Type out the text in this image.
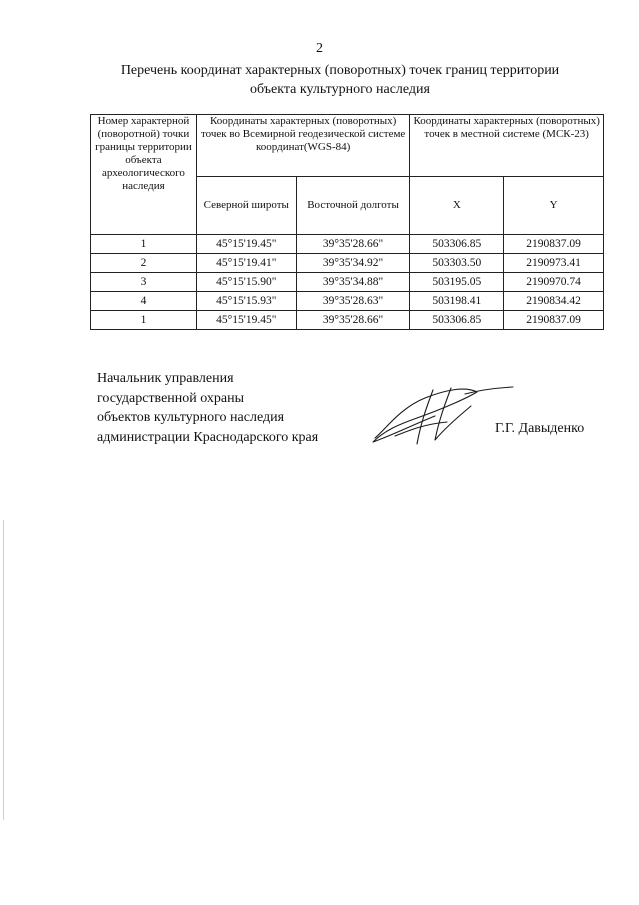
2
Перечень координат характерных (поворотных) точек границ территории
объекта культурного наследия
Номер характерной (поворотной) точки границы территории объекта археологического наследия	Координаты характерных (поворотных) точек во Всемирной геодезической системе координат(WGS-84)		Координаты характерных (поворотных) точек в местной системе (МСК-23)	
	Северной широты	Восточной долготы	X	Y
1	45°15'19.45"	39°35'28.66"	503306.85	2190837.09
2	45°15'19.41"	39°35'34.92"	503303.50	2190973.41
3	45°15'15.90"	39°35'34.88"	503195.05	2190970.74
4	45°15'15.93"	39°35'28.63"	503198.41	2190834.42
1	45°15'19.45"	39°35'28.66"	503306.85	2190837.09
Начальник управления
государственной охраны
объектов культурного наследия
администрации Краснодарского края
Г.Г. Давыденко
